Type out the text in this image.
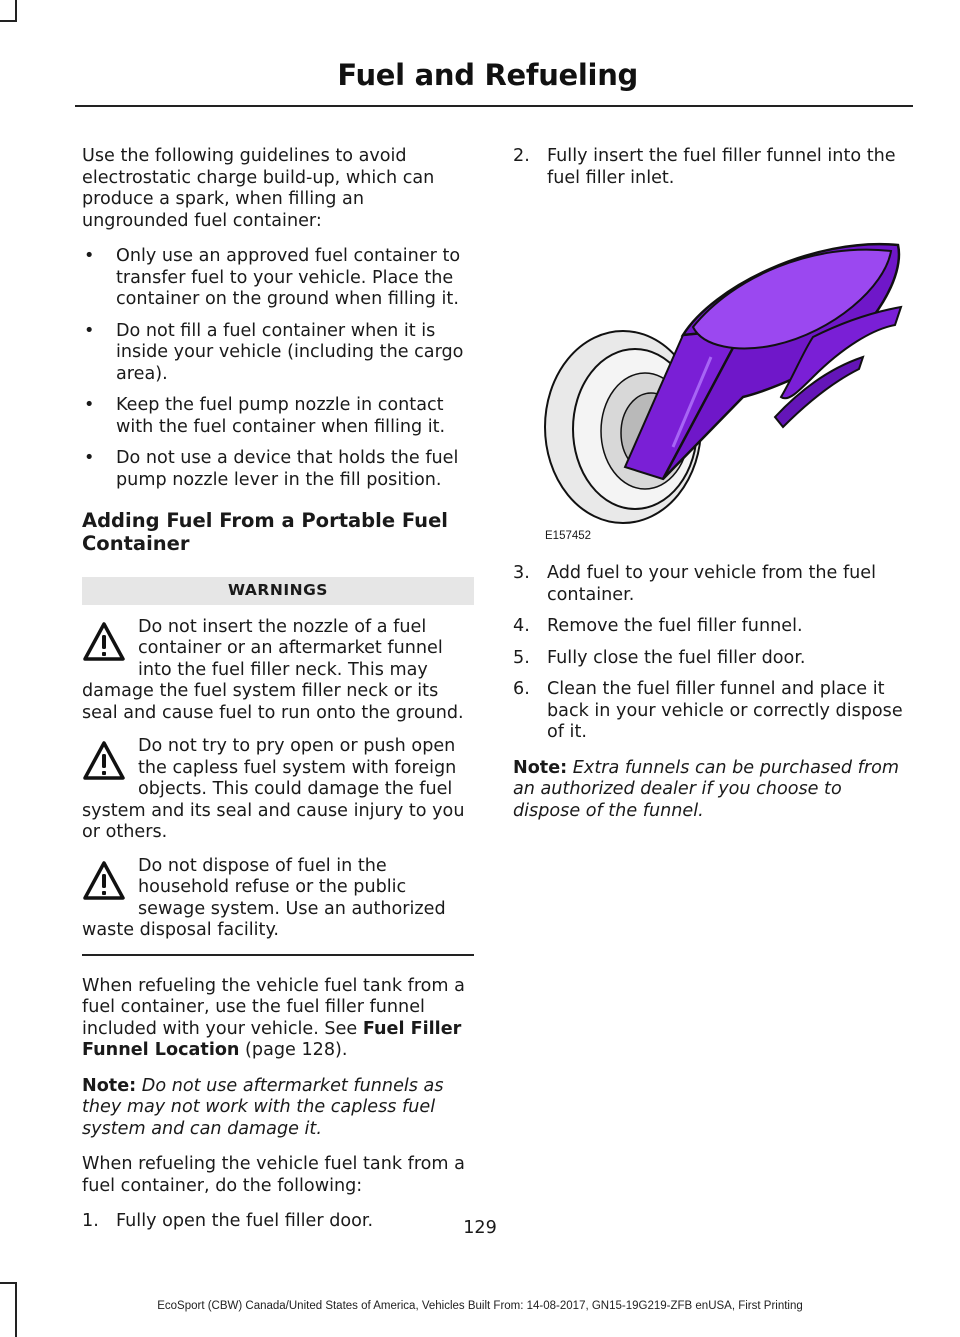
Fuel and Refueling

Use the following guidelines to avoid electrostatic charge build-up, which can produce a spark, when filling an ungrounded fuel container:

• Only use an approved fuel container to transfer fuel to your vehicle. Place the container on the ground when filling it.
• Do not fill a fuel container when it is inside your vehicle (including the cargo area).
• Keep the fuel pump nozzle in contact with the fuel container when filling it.
• Do not use a device that holds the fuel pump nozzle lever in the fill position.
Adding Fuel From a Portable Fuel Container
WARNINGS
Do not insert the nozzle of a fuel container or an aftermarket funnel into the fuel filler neck. This may damage the fuel system filler neck or its seal and cause fuel to run onto the ground.
Do not try to pry open or push open the capless fuel system with foreign objects. This could damage the fuel system and its seal and cause injury to you or others.
Do not dispose of fuel in the household refuse or the public sewage system. Use an authorized waste disposal facility.

When refueling the vehicle fuel tank from a fuel container, use the fuel filler funnel included with your vehicle. See Fuel Filler Funnel Location (page 128).

Note: Do not use aftermarket funnels as they may not work with the capless fuel system and can damage it.

When refueling the vehicle fuel tank from a fuel container, do the following:

1. Fully open the fuel filler door.
2. Fully insert the fuel filler funnel into the fuel filler inlet.
E157452
3. Add fuel to your vehicle from the fuel container.
4. Remove the fuel filler funnel.
5. Fully close the fuel filler door.
6. Clean the fuel filler funnel and place it back in your vehicle or correctly dispose of it.

Note: Extra funnels can be purchased from an authorized dealer if you choose to dispose of the funnel.

129
EcoSport (CBW) Canada/United States of America, Vehicles Built From: 14-08-2017, GN15-19G219-ZFB enUSA, First Printing
